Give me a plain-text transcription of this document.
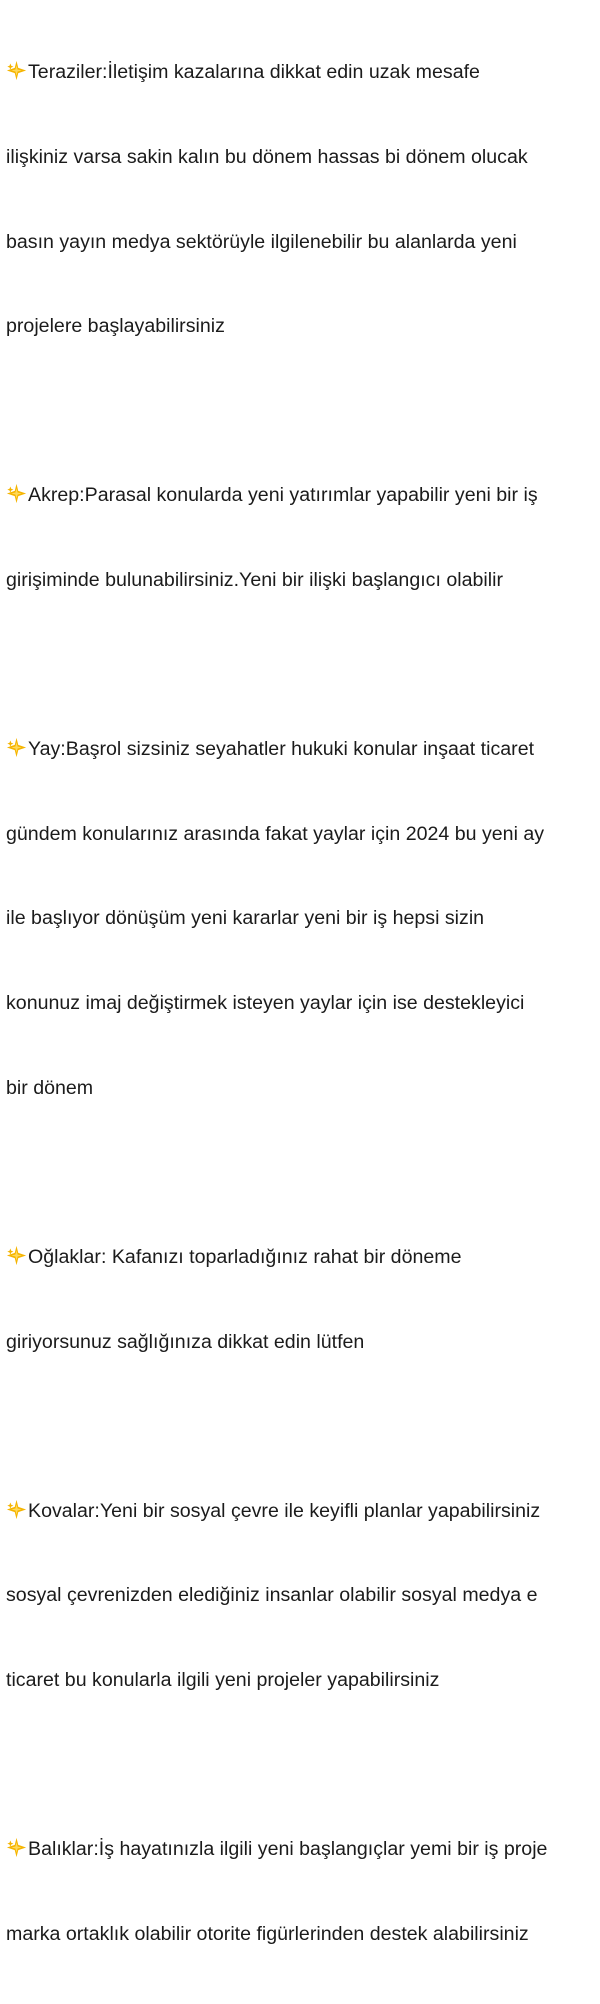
Teraziler:İletişim kazalarına dikkat edin uzak mesafe

ilişkiniz varsa sakin kalın bu dönem hassas bi dönem olucak

basın yayın medya sektörüyle ilgilenebilir bu alanlarda yeni

projelere başlayabilirsiniz

Akrep:Parasal konularda yeni yatırımlar yapabilir yeni bir iş

girişiminde bulunabilirsiniz.Yeni bir ilişki başlangıcı olabilir

Yay:Başrol sizsiniz seyahatler hukuki konular inşaat ticaret

gündem konularınız arasında fakat yaylar için 2024 bu yeni ay

ile başlıyor dönüşüm yeni kararlar yeni bir iş hepsi sizin

konunuz imaj değiştirmek isteyen yaylar için ise destekleyici

bir dönem

Oğlaklar: Kafanızı toparladığınız rahat bir döneme

giriyorsunuz sağlığınıza dikkat edin lütfen

Kovalar:Yeni bir sosyal çevre ile keyifli planlar yapabilirsiniz

sosyal çevrenizden elediğiniz insanlar olabilir sosyal medya e

ticaret bu konularla ilgili yeni projeler yapabilirsiniz

Balıklar:İş hayatınızla ilgili yeni başlangıçlar yemi bir iş proje

marka ortaklık olabilir otorite figürlerinden destek alabilirsiniz
